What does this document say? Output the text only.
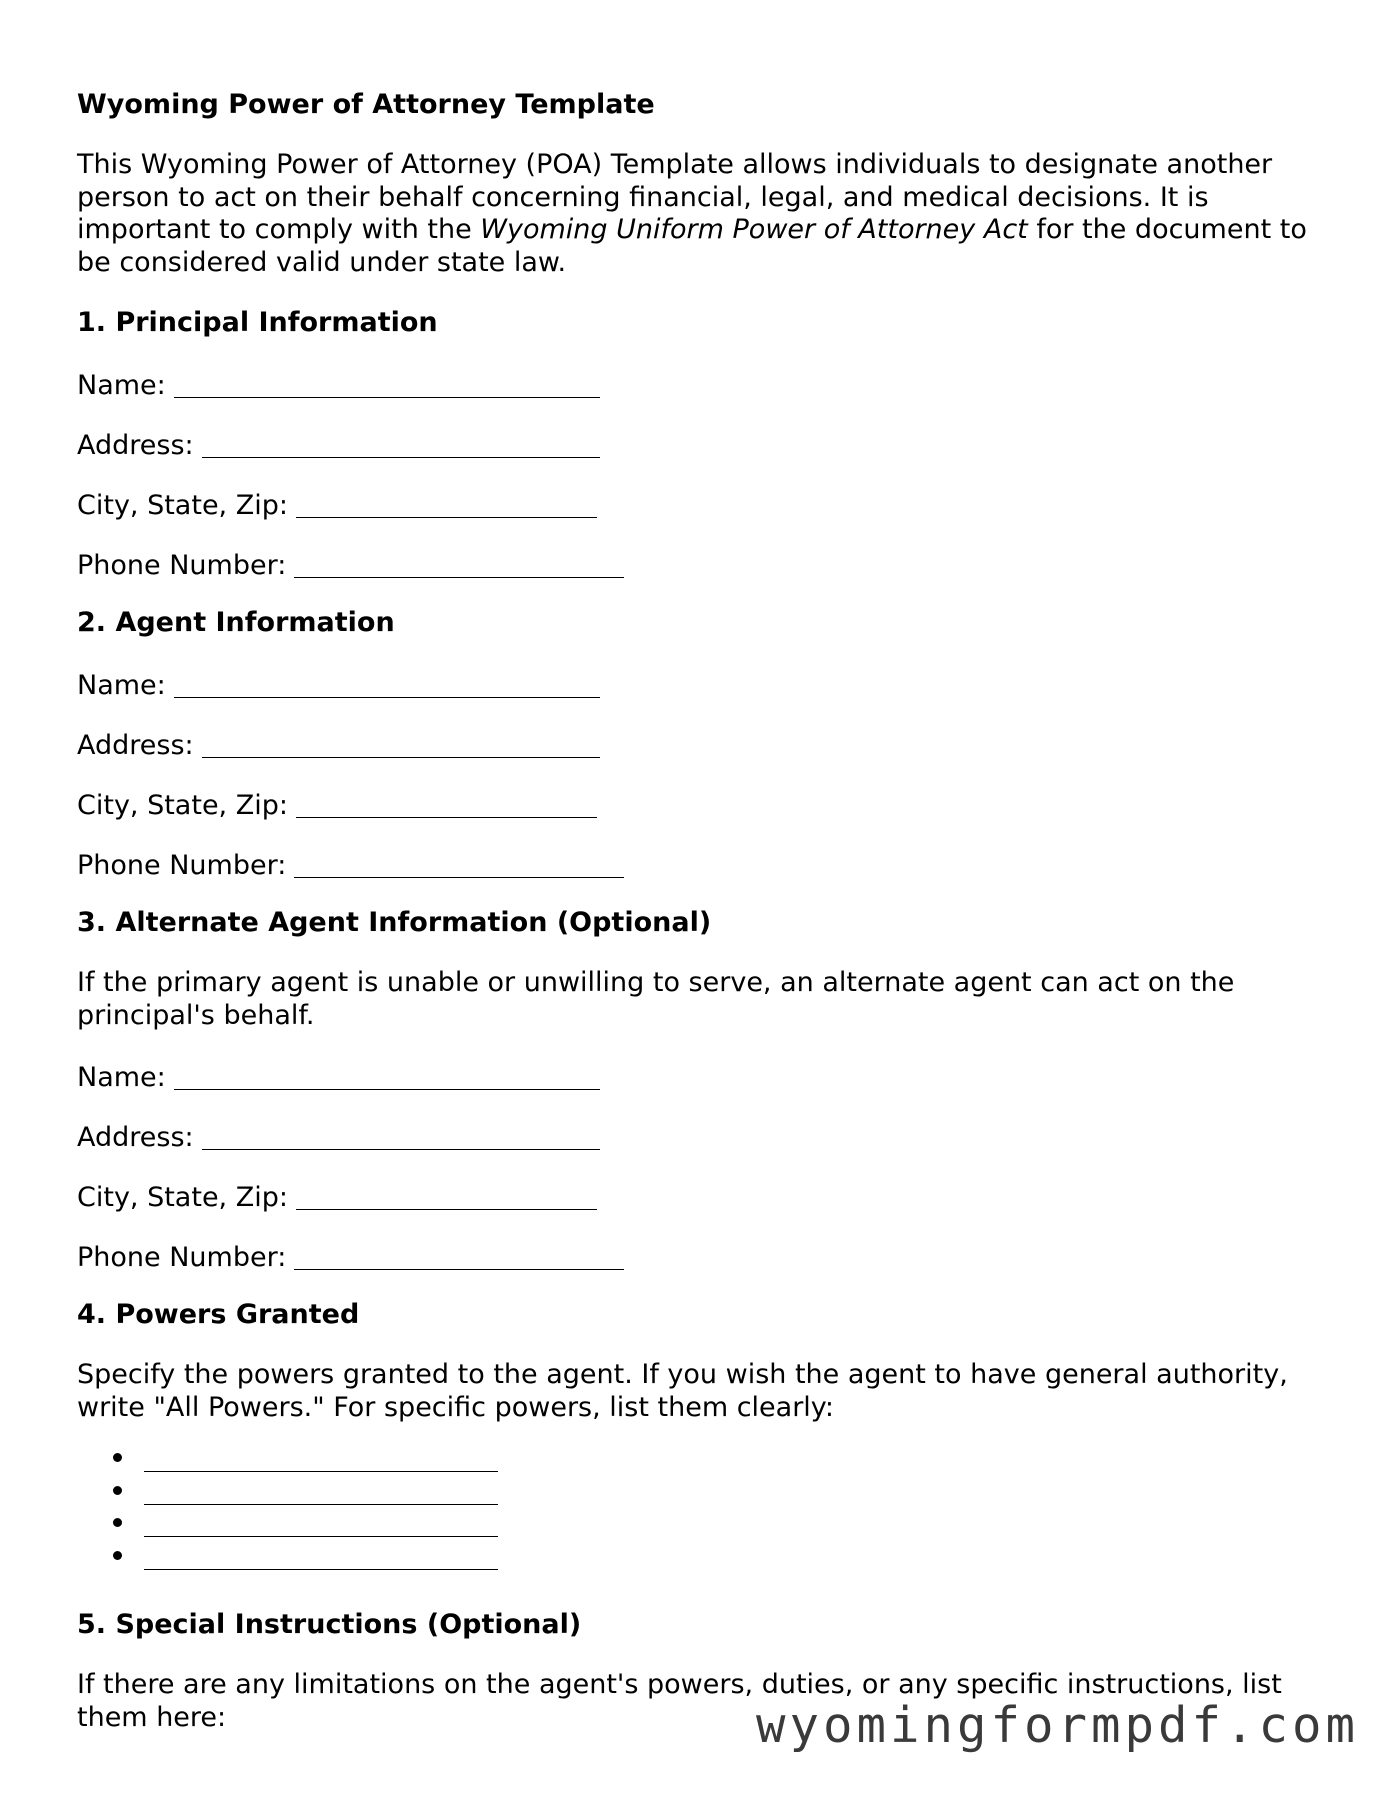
Wyoming Power of Attorney Template
This Wyoming Power of Attorney (POA) Template allows individuals to designate another person to act on their behalf concerning financial, legal, and medical decisions. It is important to comply with the Wyoming Uniform Power of Attorney Act for the document to be considered valid under state law.
1. Principal Information
Name:
Address:
City, State, Zip:
Phone Number:
2. Agent Information
Name:
Address:
City, State, Zip:
Phone Number:
3. Alternate Agent Information (Optional)
If the primary agent is unable or unwilling to serve, an alternate agent can act on the principal's behalf.
Name:
Address:
City, State, Zip:
Phone Number:
4. Powers Granted
Specify the powers granted to the agent. If you wish the agent to have general authority, write "All Powers." For specific powers, list them clearly:
5. Special Instructions (Optional)
If there are any limitations on the agent's powers, duties, or any specific instructions, list them here:	wyomingformpdf.com
